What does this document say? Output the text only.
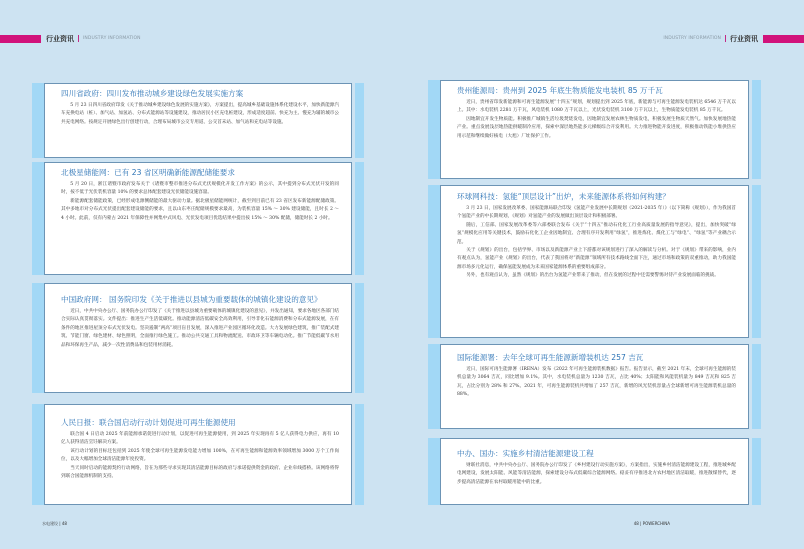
行业资讯 INDUSTRY INFORMATION	行业资讯
INDUSTRY INFORMATION
四川省政府：四川发布推动城乡建设绿色发展实施方案

5 月 23 日四川省政府印发《关于推动城乡建设绿色发展的实施方案》，方案提出，提高城乡基础设施体系化建设水平，加快新能源汽车充换电站（桩）、加气站、加氢站、分布式能源站等设施建设，推动居民小区充电桩建设，形成适度超前、快充为主、慢充为辅的城市公共充电网络。按规定开展绿色出行创建行动，合理布局城市公交专用道、公交首末站、加气站和充电站等设施。

北极星储能网：已有 23 省区明确新能源配储能要求

5 月 20 日，浙江诸暨市政府发布关于《诸暨市整市推进分布式光伏规模化开发工作方案》的公示，其中提到分布式光伏开发的同时，按不低于光伏装机容量 10% 的要求总体配套建设光伏储能设施容量。

新能源配套储能政策，已经形成电源侧储能的最大驱动力量。据北极星储能网统计，截至到目前已有 23 省区发布新能源配储政策。其中多地市对分布式光伏提出配套建设储能的要求，且以山东枣庄配储规模要求最高，为装机容量 15% ～ 30% 建设储能，且时长 2 ～ 4 小时。此前，仅有内蒙古 2021 年保障性并网集中式风电、光伏发电项目优选结果中提出按 15% ～ 30% 配储，储能时长 2 小时。

中国政府网： 国务院印发《关于推进以县城为重要载体的城镇化建设的意见》

近日，中共中央办公厅、国务院办公厅印发了《关于推进以县城为重要载体的城镇化建设的意见》，并发出通知，要求各地区各部门结合实际认真贯彻落实。文件提出：推进生产生活低碳化。推动能源清洁低碳安全高效利用，引导非化石能源消费和分布式能源发展，在有条件的地区推进屋顶分布式光伏发电。坚决遏制“两高”项目盲目发展，深入推进产业园区循环化改造。大力发展绿色建筑，推广装配式建筑、节能门窗、绿色建材、绿色照明，全面推行绿色施工。推动公共交通工具和物流配送、市政环卫等车辆电动化。推广节能低碳节水用品和环保再生产品，减少一次性消费品和包装用材消耗。

人民日报：联合国启动行动计划促进可再生能源使用

联合国 4 日启动 2025 年前能源承诺促进行动计划，以促进可再生能源使用，到 2025 年实现再有 5 亿人获得电力供应，再有 10 亿人获得清洁烹饪解决方案。

该行动计划的目标还包括到 2025 年使全球可再生能源发电能力增加 100%，在可再生能源和能源效率领域增加 3000 万个工作岗位，以及大幅增加全球清洁能源年度投资。

当天同时启动的能源契约行动网络，旨在为那些寻求实现其清洁能源目标的政府与承诺提供资金的政府、企业牵线搭桥。该网络将得到联合国能源机制的支持。

贵州能源局：贵州到 2025 年底生物质能发电装机 85 万千瓦

近日，贵州省印发新能源和可再生能源发展“十四五”规划，规划提出到 2025 年底，新能源与可再生能源发电装机达 6546 万千瓦以上。其中：水电装机 2281 万千瓦，风电装机 1080 万千瓦以上，光伏发电装机 3100 万千瓦以上，生物质能发电装机 85 万千瓦。

因地制宜开发生物质能。积极推广城镇生活垃圾焚烧发电，因地制宜发展农林生物质发电，积极发展生物质天然气。加快发展地热能产业。重点发展浅层地热能供暖制冷应用，探索中深层地热能多元梯级综合开发利用。大力推进物能开发进度，积极推动铁能小堆供热应用示范和继续做好核电（大旭）厂址保护工作。

环球网科技：氢能“顶层设计”出炉，未来能源体系将如何构建？

3 月 23 日，国家发展改革委、国家能源局联合印发《氢能产业发展中长期规划（2021-2035 年）》（以下简称《规划》），作为我国首个氢能产业的中长期规划，《规划》对氢能产业的发展做出顶层设计和积极部署。

随后，工信部、国家发展改革委等六部委联合发布《关于“十四五”推动石化化工行业高质量发展的指导意见》，提出，加快突破“绿氢”规模化应用等关键技术，鼓励石化化工企业因地制宜、合理有序开发利用“绿氢”，推进炼化、煤化工与“绿电”、“绿氢”等产业耦合示范。

关于《规划》的出台，包括学界、市场以及新能源产业上下游都对该规划进行了深入的解读与分析。对于《规划》带来的影响，业内有观点认为，氢能产业《规划》的出台，代表了我国将对“新能源”领域所有技术路线全面下注，通过市场和政策的双重推动，助力我国能源市场多元化运行，确保氢能发展成为未来国家能源体系的重要组成部分。

另外，也有观点认为，虽然《规划》的出台为氢能产业带来了推动，但在发展的过程中还需要警惕对待产业发展面临的挑战。

国际能源署：去年全球可再生能源新增装机达 257 吉瓦

近日，国际可再生能源署（IRENA）发布《2022 年可再生能源装机数据》报告。报告显示，截至 2021 年末，全球可再生能源的装机总量为 3064 吉瓦，同比增加 9.1%。其中，水电装机总量为 1230 吉瓦，占比 40%；太阳能和风能装机量为 849 吉瓦和 825 吉瓦，占比分别为 28% 和 27%。2021 年，可再生能源装机共增加了 257 吉瓦，新增的风光装机容量占全球新增可再生能源装机总量的 88%。

中办、国办：实施乡村清洁能源建设工程

财联社消息，中共中央办公厅、国务院办公厅印发了《乡村建设行动实施方案》，方案指出，实施乡村清洁能源建设工程，推进城乡配电网建设，发展太阳能、风能等清洁能源，探索建设分布式低碳综合能源网络。稳妥有序推进北方农村地区清洁取暖，推进散煤替代，逐步提高清洁能源在农村取暖用能中的比重。

水电建设 | 48	48 | POWERCHINA
